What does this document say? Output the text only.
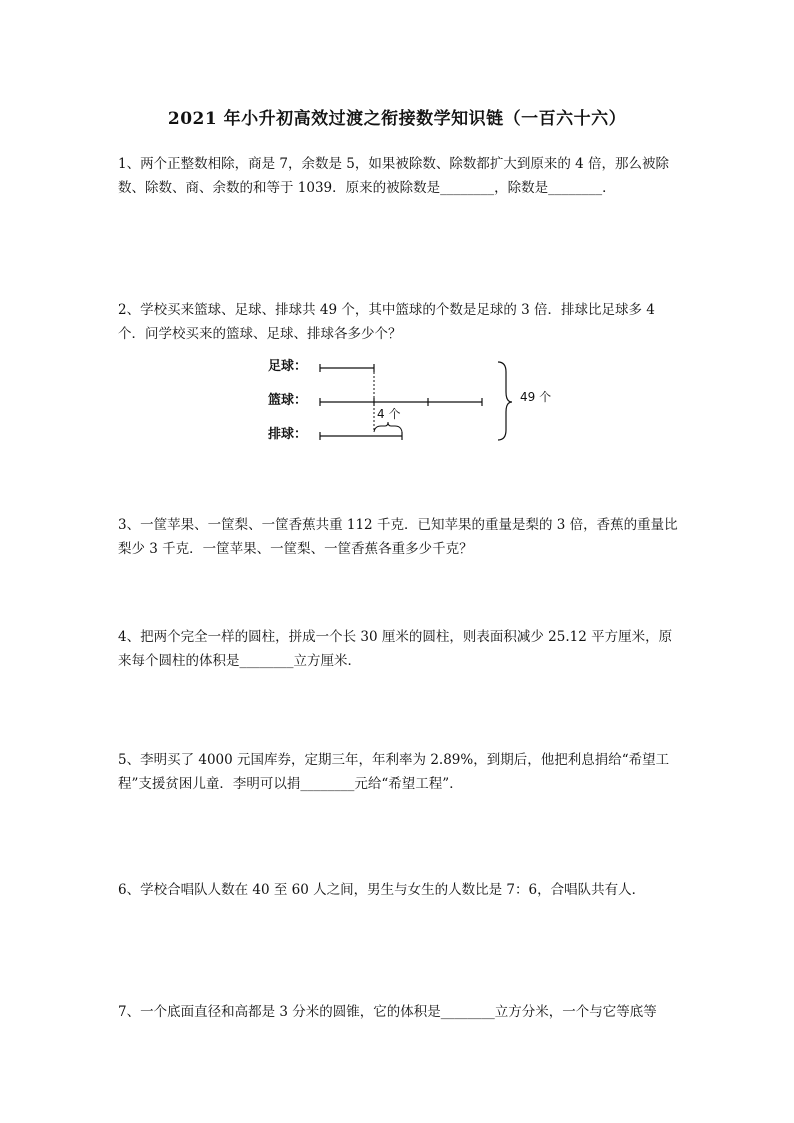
2021 年小升初高效过渡之衔接数学知识链（一百六十六）
1、两个正整数相除，商是 7，余数是 5，如果被除数、除数都扩大到原来的 4 倍，那么被除数、除数、商、余数的和等于 1039．原来的被除数是________，除数是________．
2、学校买来篮球、足球、排球共 49 个，其中篮球的个数是足球的 3 倍．排球比足球多 4 个．问学校买来的篮球、足球、排球各多少个？
足球：
篮球：
排球：
4 个
49 个
3、一筐苹果、一筐梨、一筐香蕉共重 112 千克．已知苹果的重量是梨的 3 倍，香蕉的重量比梨少 3 千克．一筐苹果、一筐梨、一筐香蕉各重多少千克？
4、把两个完全一样的圆柱，拼成一个长 30 厘米的圆柱，则表面积减少 25.12 平方厘米，原来每个圆柱的体积是________立方厘米．
5、李明买了 4000 元国库券，定期三年，年利率为 2.89%，到期后，他把利息捐给“希望工程”支援贫困儿童．李明可以捐________元给“希望工程”．
6、学校合唱队人数在 40 至 60 人之间，男生与女生的人数比是 7：6，合唱队共有人．
7、一个底面直径和高都是 3 分米的圆锥，它的体积是________立方分米，一个与它等底等
